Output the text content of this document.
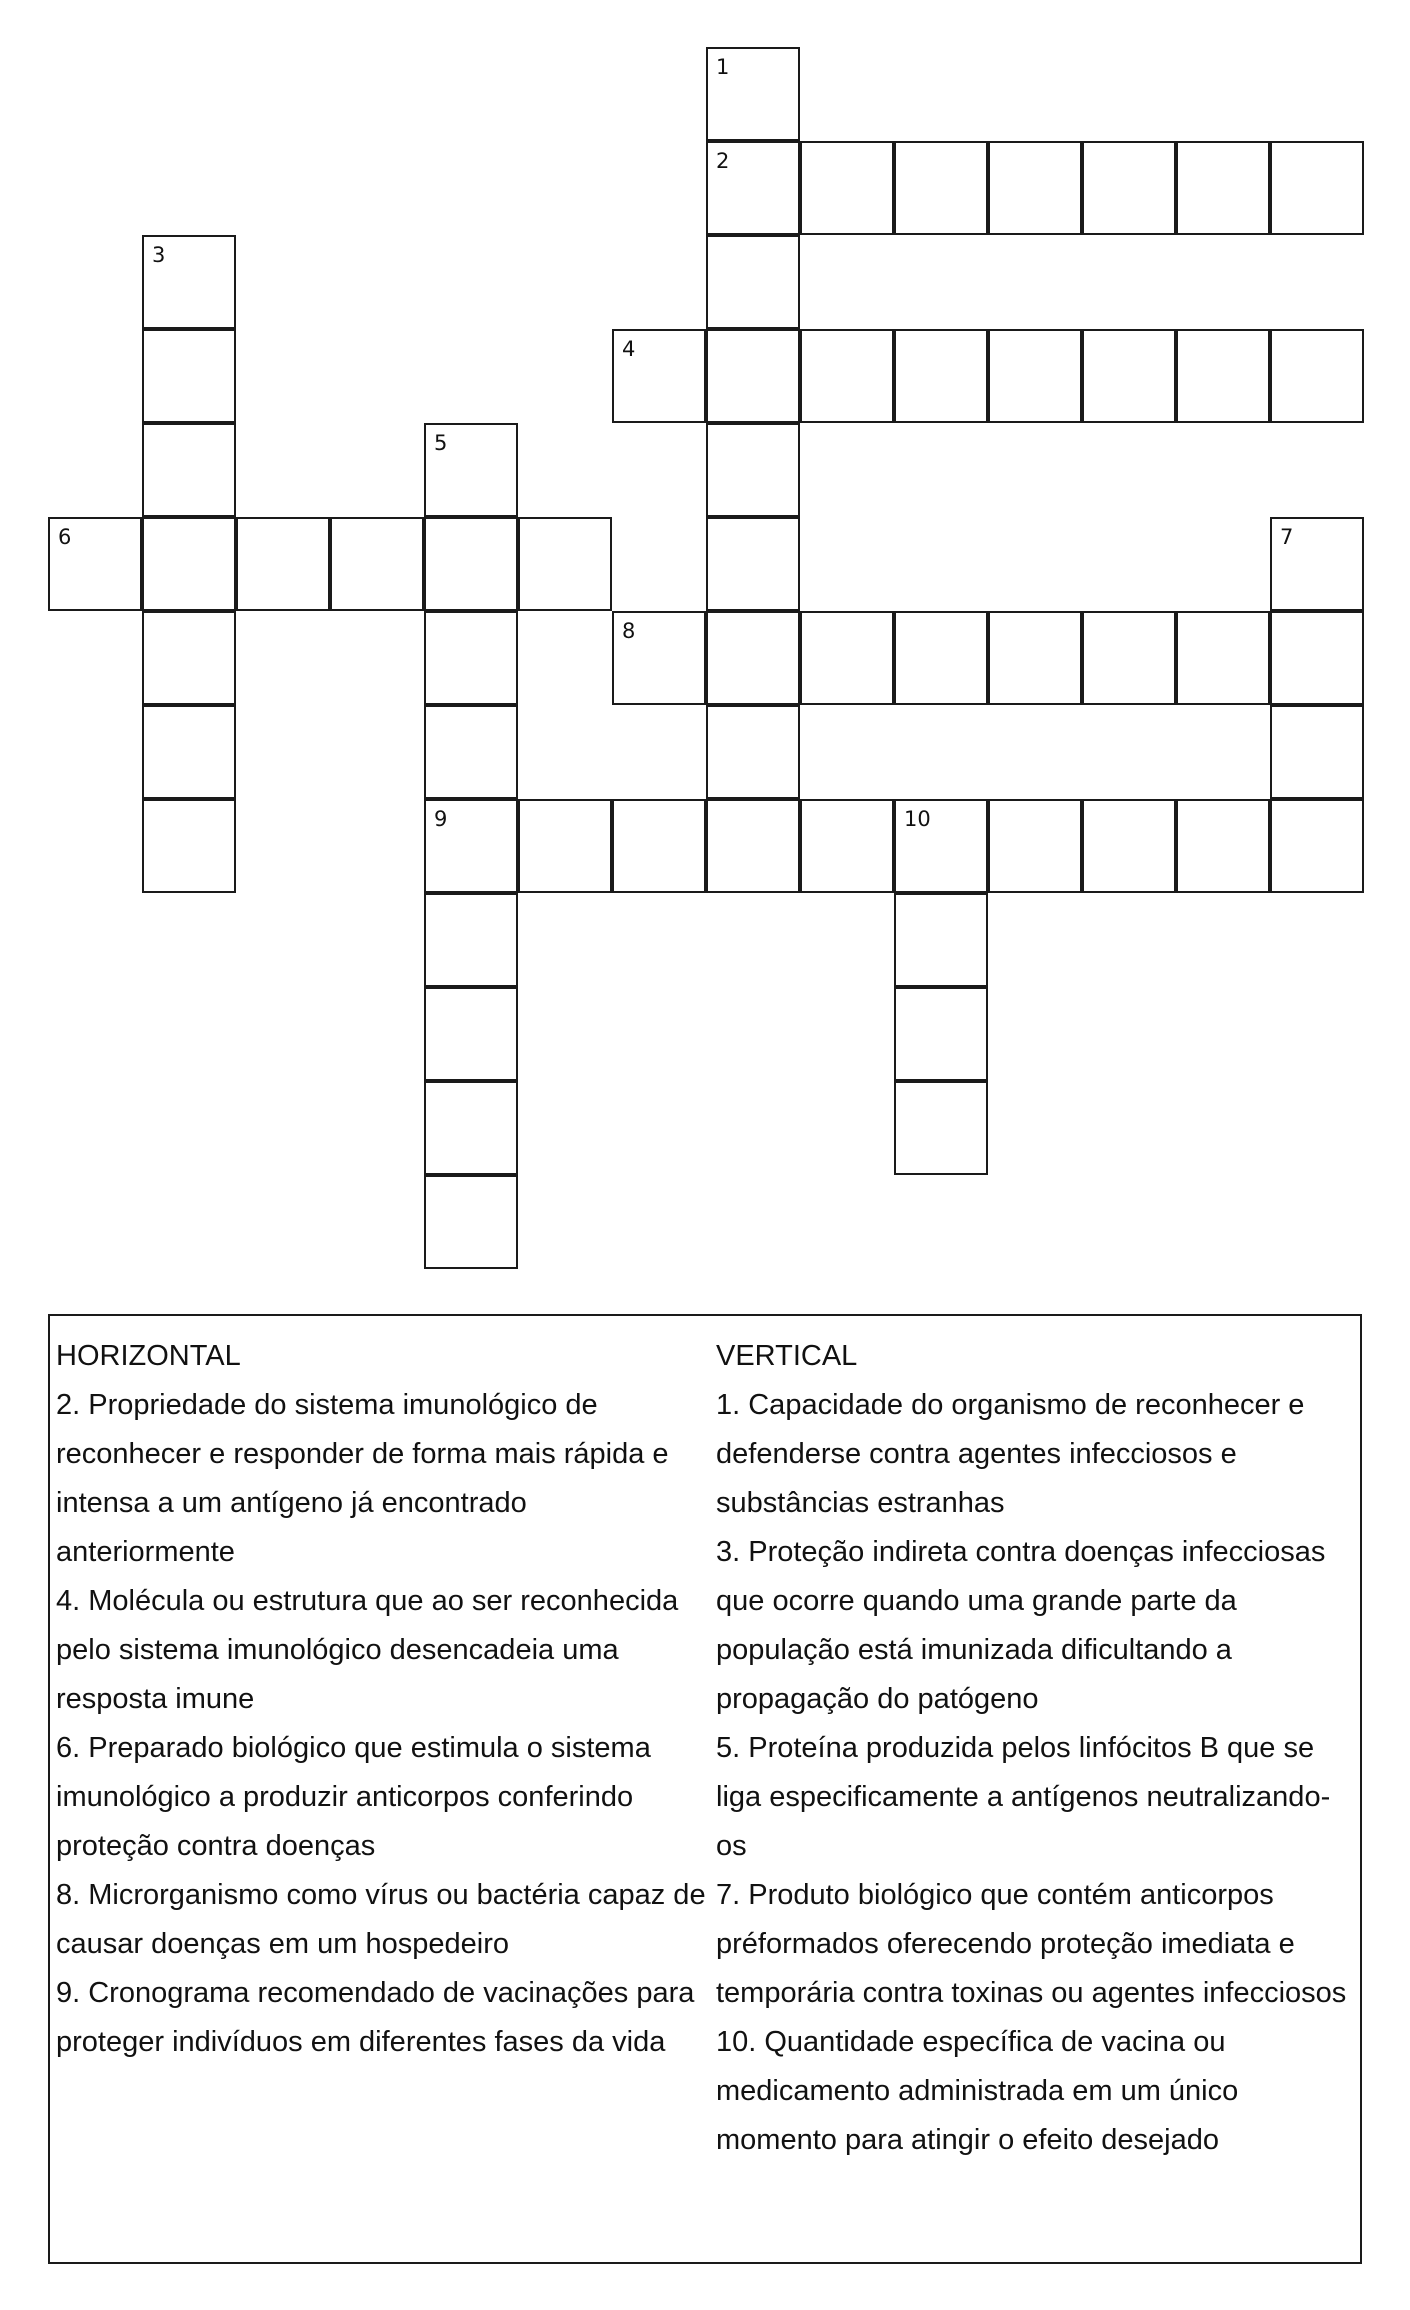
1
2
3
4
5
9
6	7
8
10

HORIZONTAL

2. Propriedade do sistema imunológico de reconhecer e responder de forma mais rápida e intensa a um antígeno já encontrado anteriormente

4. Molécula ou estrutura que ao ser reconhecida pelo sistema imunológico desencadeia uma resposta imune

6. Preparado biológico que estimula o sistema imunológico a produzir anticorpos conferindo proteção contra doenças

8. Microrganismo como vírus ou bactéria capaz de causar doenças em um hospedeiro

9. Cronograma recomendado de vacinações para proteger indivíduos em diferentes fases da vida

VERTICAL

1. Capacidade do organismo de reconhecer e defenderse contra agentes infecciosos e substâncias estranhas

3. Proteção indireta contra doenças infecciosas que ocorre quando uma grande parte da população está imunizada dificultando a propagação do patógeno

5. Proteína produzida pelos linfócitos B que se liga especificamente a antígenos neutralizando-os

7. Produto biológico que contém anticorpos préformados oferecendo proteção imediata e temporária contra toxinas ou agentes infecciosos

10. Quantidade específica de vacina ou medicamento administrada em um único momento para atingir o efeito desejado
